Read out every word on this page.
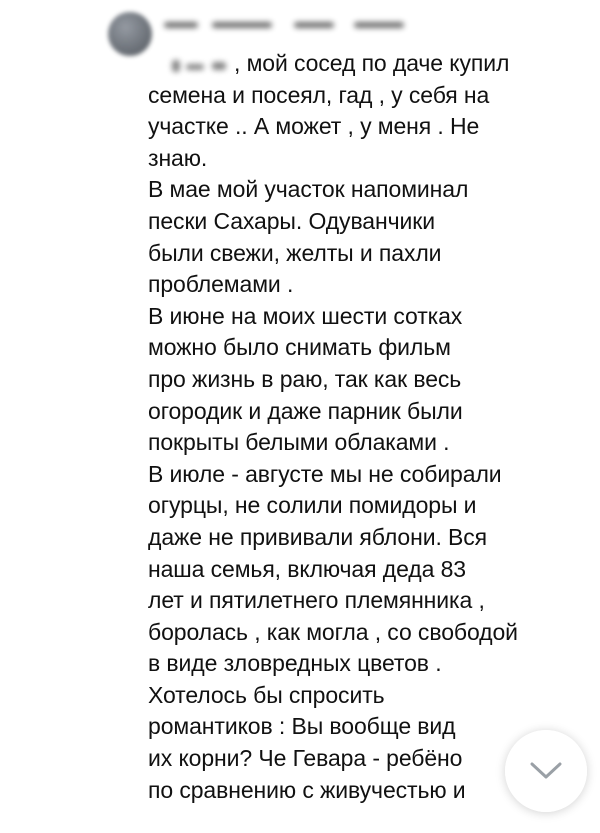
, мой сосед по даче купил
семена и посеял, гад , у себя на
участке .. А может , у меня . Не
знаю.
В мае мой участок напоминал
пески Сахары. Одуванчики
были свежи, желты и пахли
проблемами .
В июне на моих шести сотках
можно было снимать фильм
про жизнь в раю, так как весь
огородик и даже парник были
покрыты белыми облаками .
В июле - августе мы не собирали
огурцы, не солили помидоры и
даже не прививали яблони. Вся
наша семья, включая деда 83
лет и пятилетнего племянника ,
боролась , как могла , со свободой
в виде зловредных цветов .
Хотелось бы спросить
романтиков : Вы вообще вид
их корни? Че Гевара - ребёно
по сравнению с живучестью и
